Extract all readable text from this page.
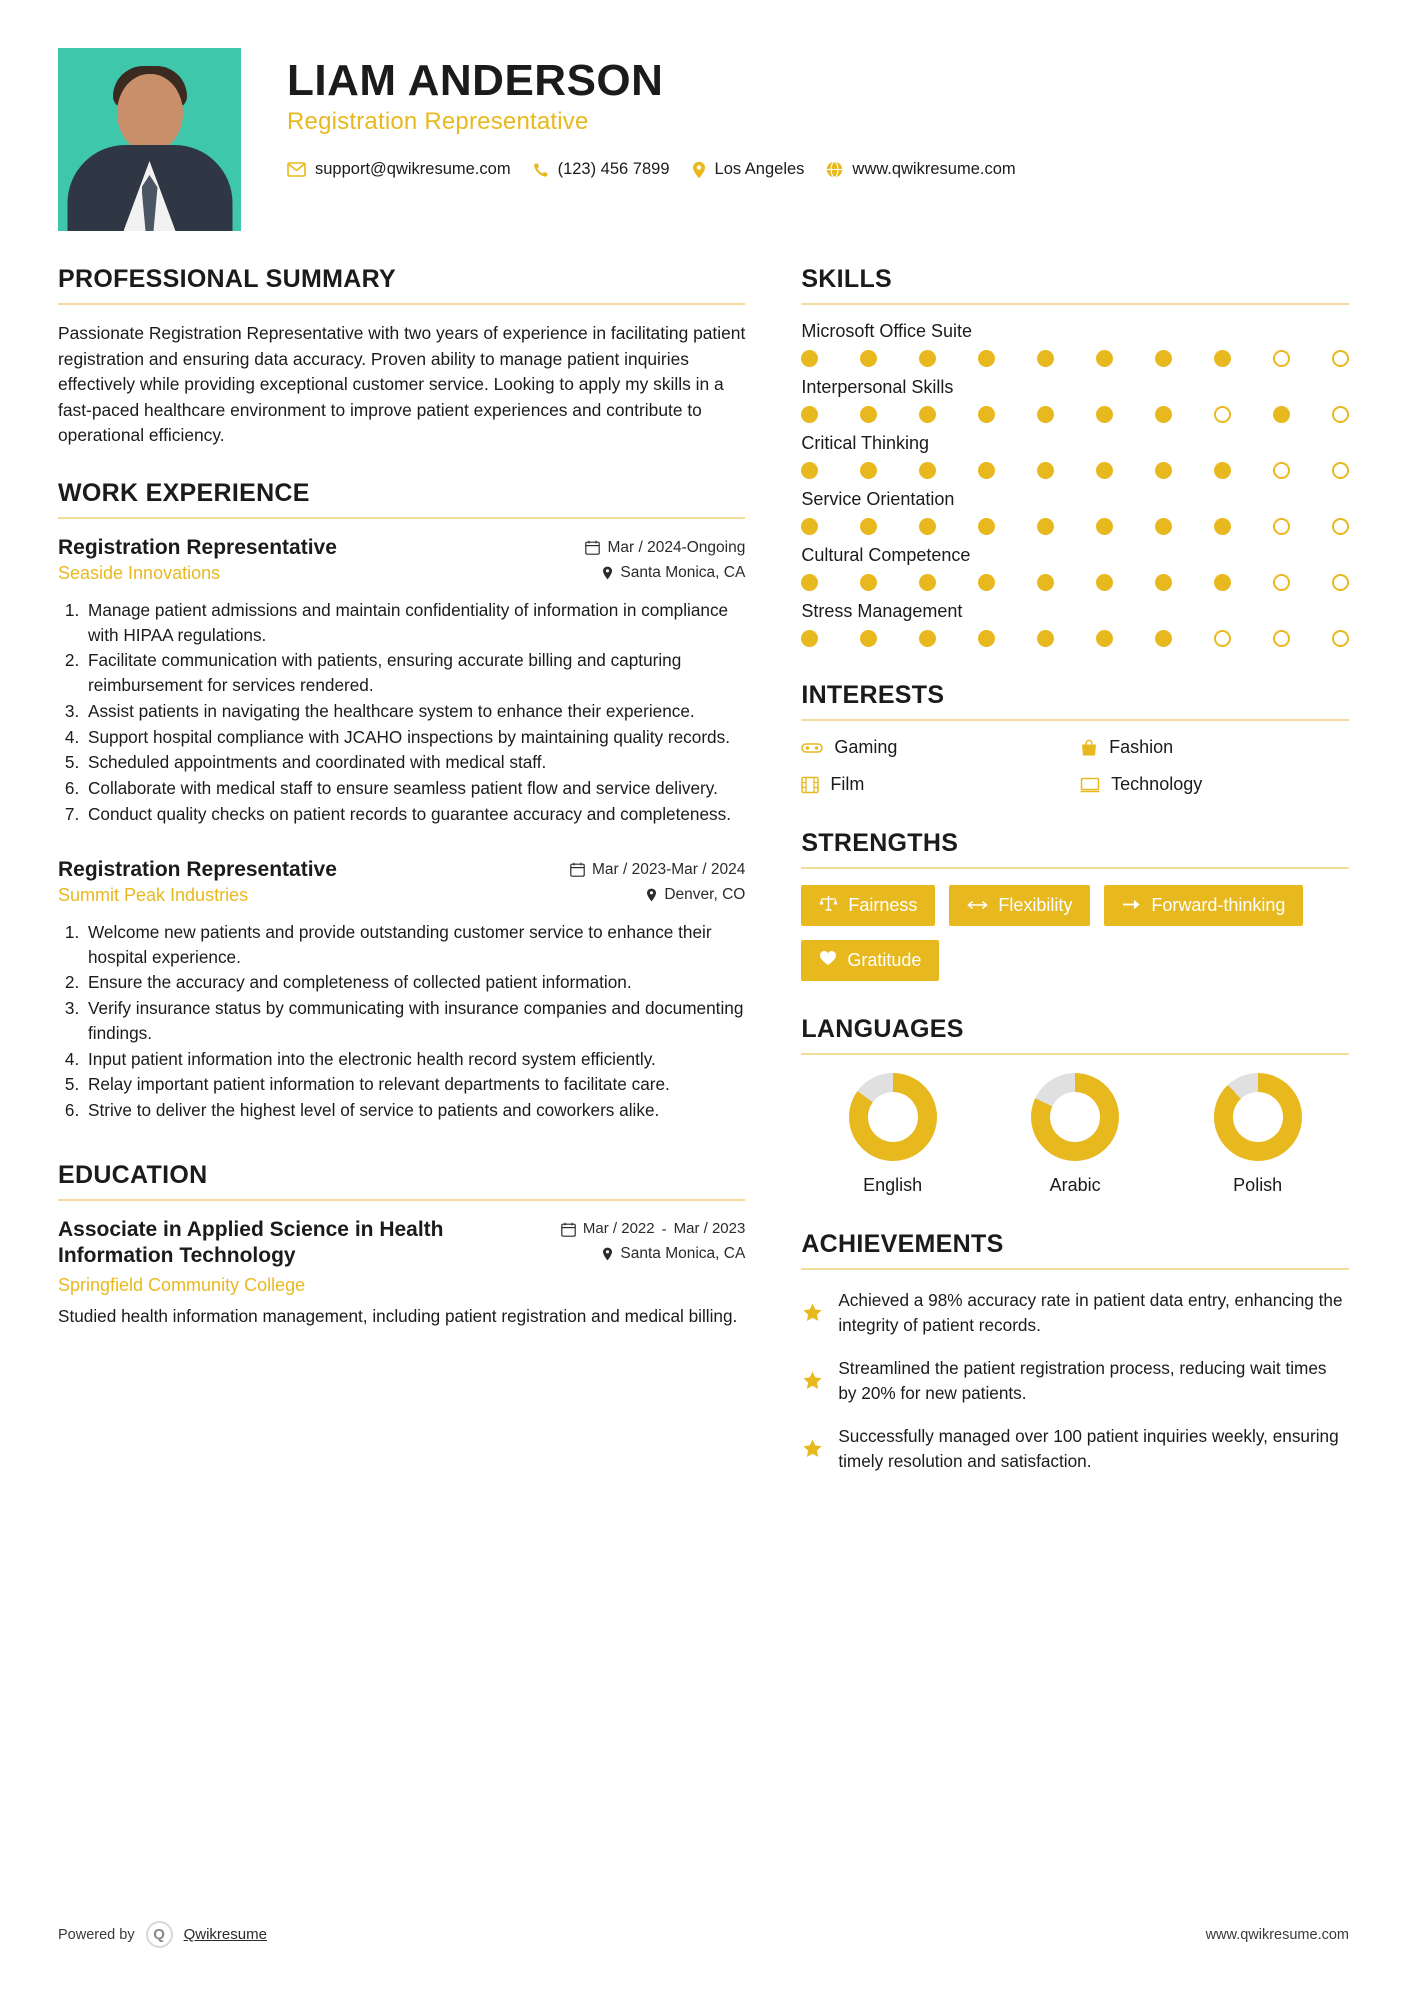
LIAM ANDERSON
Registration Representative
support@qwikresume.com	(123) 456 7899	Los Angeles	www.qwikresume.com
PROFESSIONAL SUMMARY

Passionate Registration Representative with two years of experience in facilitating patient registration and ensuring data accuracy. Proven ability to manage patient inquiries effectively while providing exceptional customer service. Looking to apply my skills in a fast-paced healthcare environment to improve patient experiences and contribute to operational efficiency.

WORK EXPERIENCE
Registration Representative
Seaside Innovations
Mar / 2024-Ongoing
Santa Monica, CA
1. Manage patient admissions and maintain confidentiality of information in compliance with HIPAA regulations.
2. Facilitate communication with patients, ensuring accurate billing and capturing reimbursement for services rendered.
3. Assist patients in navigating the healthcare system to enhance their experience.
4. Support hospital compliance with JCAHO inspections by maintaining quality records.
5. Scheduled appointments and coordinated with medical staff.
6. Collaborate with medical staff to ensure seamless patient flow and service delivery.
7. Conduct quality checks on patient records to guarantee accuracy and completeness.
Registration Representative
Summit Peak Industries
Mar / 2023-Mar / 2024
Denver, CO
1. Welcome new patients and provide outstanding customer service to enhance their hospital experience.
2. Ensure the accuracy and completeness of collected patient information.
3. Verify insurance status by communicating with insurance companies and documenting findings.
4. Input patient information into the electronic health record system efficiently.
5. Relay important patient information to relevant departments to facilitate care.
6. Strive to deliver the highest level of service to patients and coworkers alike.
EDUCATION
Associate in Applied Science in Health Information Technology
Springfield Community College
Mar / 2022 - Mar / 2023
Santa Monica, CA

Studied health information management, including patient registration and medical billing.

SKILLS
Microsoft Office Suite
Interpersonal Skills
Critical Thinking
Service Orientation
Cultural Competence
Stress Management
INTERESTS
Gaming	Fashion
Film	Technology
STRENGTHS
Fairness	Flexibility	Forward-thinking
Gratitude
LANGUAGES
English	Arabic	Polish
ACHIEVEMENTS
Achieved a 98% accuracy rate in patient data entry, enhancing the integrity of patient records.
Streamlined the patient registration process, reducing wait times by 20% for new patients.
Successfully managed over 100 patient inquiries weekly, ensuring timely resolution and satisfaction.
Powered by	Q	Qwikresume	www.qwikresume.com
